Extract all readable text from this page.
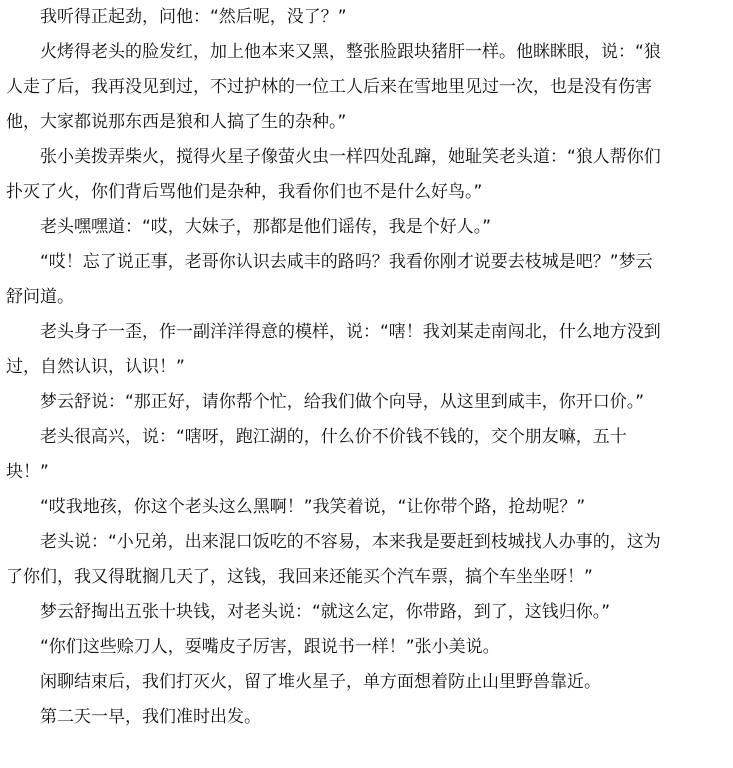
我听得正起劲，问他：“然后呢，没了？”

火烤得老头的脸发红，加上他本来又黑，整张脸跟块猪肝一样。他眯眯眼，说：“狼人走了后，我再没见到过，不过护林的一位工人后来在雪地里见过一次，也是没有伤害他，大家都说那东西是狼和人搞了生的杂种。”

张小美拨弄柴火，搅得火星子像萤火虫一样四处乱蹿，她耻笑老头道：“狼人帮你们扑灭了火，你们背后骂他们是杂种，我看你们也不是什么好鸟。”

老头嘿嘿道：“哎，大妹子，那都是他们谣传，我是个好人。”

“哎！忘了说正事，老哥你认识去咸丰的路吗？我看你刚才说要去枝城是吧？”梦云舒问道。

老头身子一歪，作一副洋洋得意的模样，说：“嗐！我刘某走南闯北，什么地方没到过，自然认识，认识！”

梦云舒说：“那正好，请你帮个忙，给我们做个向导，从这里到咸丰，你开口价。”

老头很高兴，说：“嗐呀，跑江湖的，什么价不价钱不钱的，交个朋友嘛，五十块！”

“哎我地孩，你这个老头这么黑啊！”我笑着说，“让你带个路，抢劫呢？”

老头说：“小兄弟，出来混口饭吃的不容易，本来我是要赶到枝城找人办事的，这为了你们，我又得耽搁几天了，这钱，我回来还能买个汽车票，搞个车坐坐呀！”

梦云舒掏出五张十块钱，对老头说：“就这么定，你带路，到了，这钱归你。”

“你们这些赊刀人，耍嘴皮子厉害，跟说书一样！”张小美说。

闲聊结束后，我们打灭火，留了堆火星子，单方面想着防止山里野兽靠近。

第二天一早，我们准时出发。
